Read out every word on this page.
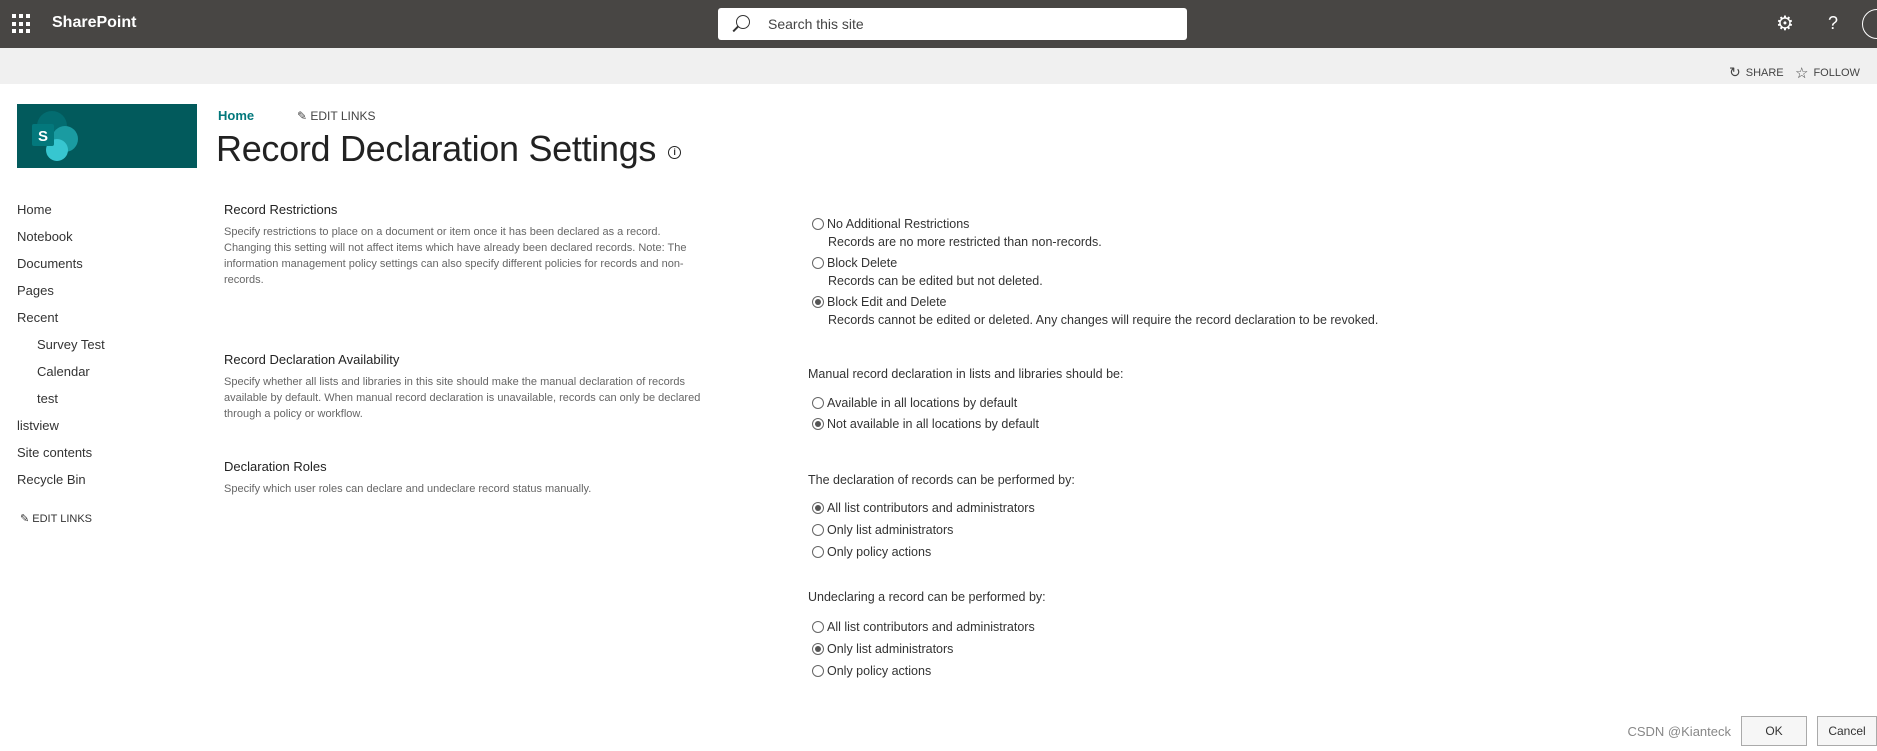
SharePoint	Search this site	⚙ ?
↻ SHARE ☆ FOLLOW
S
Home	✎ EDIT LINKS
Record Declaration Settings	i
Home
Notebook
Documents
Pages
Recent
Survey Test
Calendar
test
listview
Site contents
Recycle Bin
✎ EDIT LINKS
Record Restrictions
Specify restrictions to place on a document or item once it has been declared as a record. Changing this setting will not affect items which have already been declared records. Note: The information management policy settings can also specify different policies for records and non-records.
Record Declaration Availability
Specify whether all lists and libraries in this site should make the manual declaration of records available by default. When manual record declaration is unavailable, records can only be declared through a policy or workflow.
Declaration Roles
Specify which user roles can declare and undeclare record status manually.
No Additional Restrictions
Records are no more restricted than non-records.
Block Delete
Records can be edited but not deleted.
Block Edit and Delete
Records cannot be edited or deleted. Any changes will require the record declaration to be revoked.
Manual record declaration in lists and libraries should be:
Available in all locations by default
Not available in all locations by default
The declaration of records can be performed by:
All list contributors and administrators
Only list administrators
Only policy actions
Undeclaring a record can be performed by:
All list contributors and administrators
Only list administrators
Only policy actions
OK	Cancel
CSDN @Kianteck
